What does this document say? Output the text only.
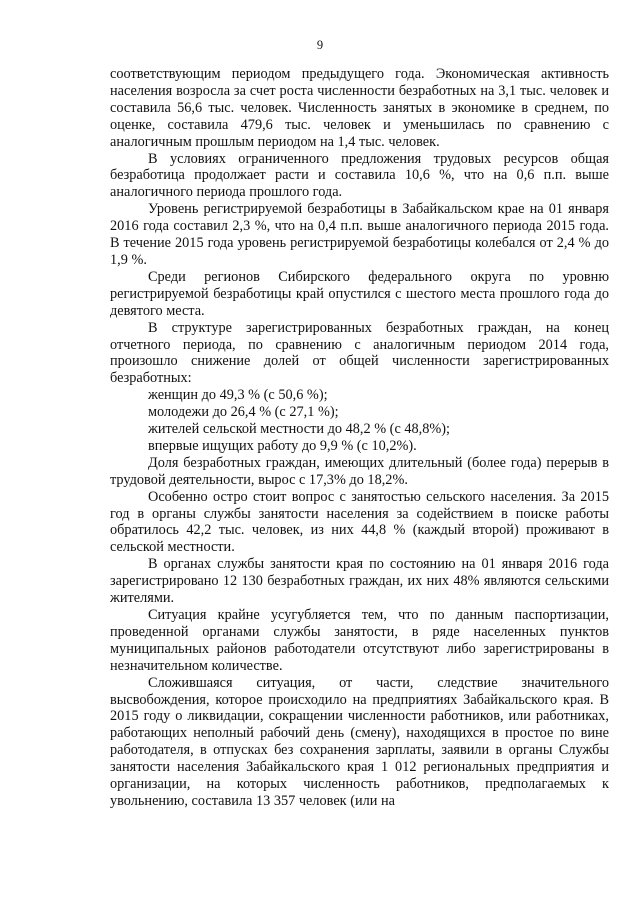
9

соответствующим периодом предыдущего года. Экономическая активность населения возросла за счет роста численности безработных на 3,1 тыс. человек и составила 56,6 тыс. человек. Численность занятых в экономике в среднем, по оценке, составила 479,6 тыс. человек и уменьшилась по сравнению с аналогичным прошлым периодом на 1,4 тыс. человек.

В условиях ограниченного предложения трудовых ресурсов общая безработица продолжает расти и составила 10,6 %, что на 0,6 п.п. выше аналогичного периода прошлого года.

Уровень регистрируемой безработицы в Забайкальском крае на 01 января 2016 года составил 2,3 %, что на 0,4 п.п. выше аналогичного периода 2015 года. В течение 2015 года уровень регистрируемой безработицы колебался от 2,4 % до 1,9 %.

Среди регионов Сибирского федерального округа по уровню регистрируемой безработицы край опустился с шестого места прошлого года до девятого места.

В структуре зарегистрированных безработных граждан, на конец отчетного периода, по сравнению с аналогичным периодом 2014 года, произошло снижение долей от общей численности зарегистрированных безработных:

женщин до 49,3 % (с 50,6 %);

молодежи до 26,4 % (с 27,1 %);

жителей сельской местности до 48,2 % (с 48,8%);

впервые ищущих работу до 9,9 % (с 10,2%).

Доля безработных граждан, имеющих длительный (более года) перерыв в трудовой деятельности, вырос с 17,3% до 18,2%.

Особенно остро стоит вопрос с занятостью сельского населения. За 2015 год в органы службы занятости населения за содействием в поиске работы обратилось 42,2 тыс. человек, из них 44,8 % (каждый второй) проживают в сельской местности.

В органах службы занятости края по состоянию на 01 января 2016 года зарегистрировано 12 130 безработных граждан, их них 48% являются сельскими жителями.

Ситуация крайне усугубляется тем, что по данным паспортизации, проведенной органами службы занятости, в ряде населенных пунктов муниципальных районов работодатели отсутствуют либо зарегистрированы в незначительном количестве.

Сложившаяся ситуация, от части, следствие значительного высвобождения, которое происходило на предприятиях Забайкальского края. В 2015 году о ликвидации, сокращении численности работников, или работниках, работающих неполный рабочий день (смену), находящихся в простое по вине работодателя, в отпусках без сохранения зарплаты, заявили в органы Службы занятости населения Забайкальского края 1 012 региональных предприятия и организации, на которых численность работников, предполагаемых к увольнению, составила 13 357 человек (или на
